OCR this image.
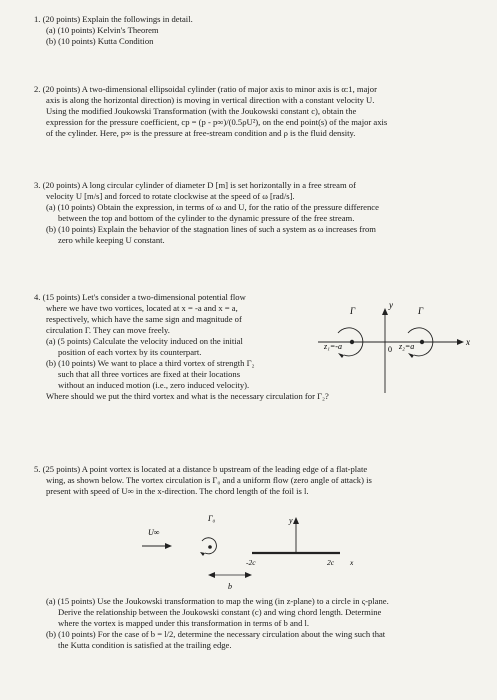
1. (20 points) Explain the followings in detail.
(a) (10 points) Kelvin's Theorem
(b) (10 points) Kutta Condition
2. (20 points) A two-dimensional ellipsoidal cylinder (ratio of major axis to minor axis is α:1, major
axis is along the horizontal direction) is moving in vertical direction with a constant velocity U.
Using the modified Joukowski Transformation (with the Joukowski constant c), obtain the
expression for the pressure coefficient, cp = (p - p∞)/(0.5ρU²), on the end point(s) of the major axis
of the cylinder. Here, p∞ is the pressure at free-stream condition and ρ is the fluid density.
3. (20 points) A long circular cylinder of diameter D [m] is set horizontally in a free stream of
velocity U [m/s] and forced to rotate clockwise at the speed of ω [rad/s].
(a) (10 points) Obtain the expression, in terms of ω and U, for the ratio of the pressure difference
between the top and bottom of the cylinder to the dynamic pressure of the free stream.
(b) (10 points) Explain the behavior of the stagnation lines of such a system as ω increases from
zero while keeping U constant.
4. (15 points) Let's consider a two-dimensional potential flow
where we have two vortices, located at x = -a and x = a,
respectively, which have the same sign and magnitude of
circulation Γ. They can move freely.
(a) (5 points) Calculate the velocity induced on the initial
position of each vortex by its counterpart.
(b) (10 points) We want to place a third vortex of strength Γ₂
such that all three vortices are fixed at their locations
without an induced motion (i.e., zero induced velocity).
Where should we put the third vortex and what is the necessary circulation for Γ₂?
y
x
Γ
z₁=-a	0
Γ
z₂=a
5. (25 points) A point vortex is located at a distance b upstream of the leading edge of a flat-plate
wing, as shown below. The vortex circulation is Γ₀ and a uniform flow (zero angle of attack) is
present with speed of U∞ in the x-direction. The chord length of the foil is l.
U∞
Γ₀	y
-2c	2c x
b
(a) (15 points) Use the Joukowski transformation to map the wing (in z-plane) to a circle in ς-plane.
Derive the relationship between the Joukowski constant (c) and wing chord length. Determine
where the vortex is mapped under this transformation in terms of b and l.
(b) (10 points) For the case of b = l/2, determine the necessary circulation about the wing such that
the Kutta condition is satisfied at the trailing edge.
